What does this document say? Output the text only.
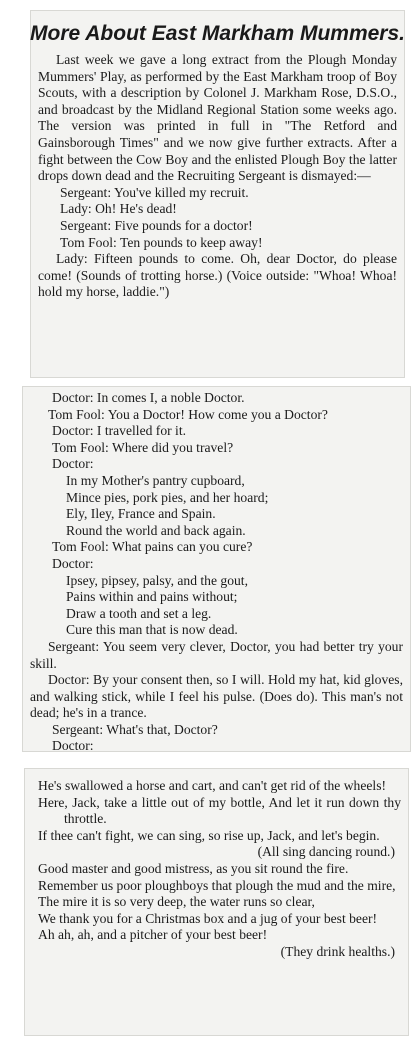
More About East Markham Mummers.

Last week we gave a long extract from the Plough Monday Mummers' Play, as performed by the East Markham troop of Boy Scouts, with a description by Colonel J. Markham Rose, D.S.O., and broadcast by the Midland Regional Station some weeks ago. The version was printed in full in "The Retford and Gainsborough Times" and we now give further extracts. After a fight between the Cow Boy and the enlisted Plough Boy the latter drops down dead and the Recruiting Sergeant is dismayed:—

Sergeant: You've killed my recruit.

Lady: Oh! He's dead!

Sergeant: Five pounds for a doctor!

Tom Fool: Ten pounds to keep away!

Lady: Fifteen pounds to come. Oh, dear Doctor, do please come! (Sounds of trotting horse.) (Voice outside: "Whoa! Whoa! hold my horse, laddie.")

Doctor: In comes I, a noble Doctor.

Tom Fool: You a Doctor! How come you a Doctor?

Doctor: I travelled for it.

Tom Fool: Where did you travel?

Doctor:

In my Mother's pantry cupboard,

Mince pies, pork pies, and her hoard;

Ely, Iley, France and Spain.

Round the world and back again.

Tom Fool: What pains can you cure?

Doctor:

Ipsey, pipsey, palsy, and the gout,

Pains within and pains without;

Draw a tooth and set a leg.

Cure this man that is now dead.

Sergeant: You seem very clever, Doctor, you had better try your skill.

Doctor: By your consent then, so I will. Hold my hat, kid gloves, and walking stick, while I feel his pulse. (Does do). This man's not dead; he's in a trance.

Sergeant: What's that, Doctor?

Doctor:

He's swallowed a horse and cart, and can't get rid of the wheels!

Here, Jack, take a little out of my bottle, And let it run down thy throttle.

If thee can't fight, we can sing, so rise up, Jack, and let's begin.

(All sing dancing round.)

Good master and good mistress, as you sit round the fire.

Remember us poor ploughboys that plough the mud and the mire,

The mire it is so very deep, the water runs so clear,

We thank you for a Christmas box and a jug of your best beer!

Ah ah, ah, and a pitcher of your best beer!

(They drink healths.)
